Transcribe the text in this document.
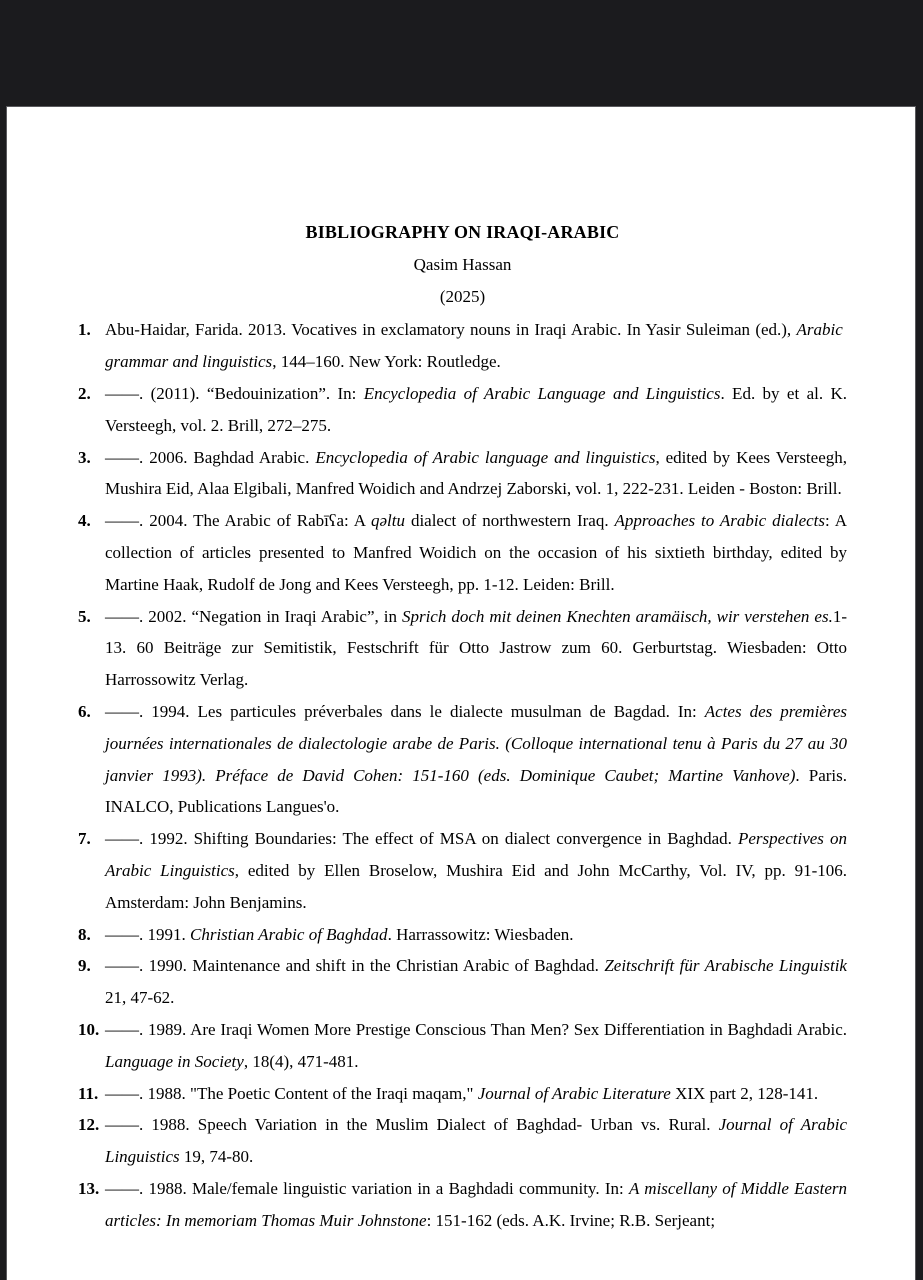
BIBLIOGRAPHY ON IRAQI-ARABIC
Qasim Hassan
(2025)
1. Abu-Haidar, Farida. 2013. Vocatives in exclamatory nouns in Iraqi Arabic. In Yasir Suleiman (ed.), Arabic  grammar and linguistics, 144–160. New York: Routledge.
2. ——. (2011). “Bedouinization”. In: Encyclopedia of Arabic Language and Linguistics. Ed. by et al. K. Versteegh, vol. 2. Brill, 272–275.
3. ——. 2006. Baghdad Arabic. Encyclopedia of Arabic language and linguistics, edited by Kees Versteegh, Mushira Eid, Alaa Elgibali, Manfred Woidich and Andrzej Zaborski, vol. 1, 222-231. Leiden - Boston: Brill.
4. ——. 2004. The Arabic of Rabīʕa: A qəltu dialect of northwestern Iraq. Approaches to Arabic dialects: A collection of articles presented to Manfred Woidich on the occasion of his sixtieth birthday, edited by Martine Haak, Rudolf de Jong and Kees Versteegh, pp. 1-12. Leiden: Brill.
5. ——. 2002. “Negation in Iraqi Arabic”, in Sprich doch mit deinen Knechten aramäisch, wir verstehen es.1-13. 60 Beiträge zur Semitistik, Festschrift für Otto Jastrow zum 60. Gerburtstag. Wiesbaden: Otto Harrossowitz Verlag.
6. ——. 1994. Les particules préverbales dans le dialecte musulman de Bagdad. In: Actes des premières journées internationales de dialectologie arabe de Paris. (Colloque international tenu à Paris du 27 au 30 janvier 1993). Préface de David Cohen: 151-160 (eds. Dominique Caubet; Martine Vanhove). Paris. INALCO, Publications Langues'o.
7. ——. 1992. Shifting Boundaries: The effect of MSA on dialect convergence in Baghdad. Perspectives on Arabic Linguistics, edited by Ellen Broselow, Mushira Eid and John McCarthy, Vol. IV, pp. 91-106. Amsterdam: John Benjamins.
8. ——. 1991. Christian Arabic of Baghdad. Harrassowitz: Wiesbaden.
9. ——. 1990. Maintenance and shift in the Christian Arabic of Baghdad. Zeitschrift für Arabische Linguistik 21, 47-62.
10. ——. 1989. Are Iraqi Women More Prestige Conscious Than Men? Sex Differentiation in Baghdadi Arabic. Language in Society, 18(4), 471-481.
11. ——. 1988. "The Poetic Content of the Iraqi maqam," Journal of Arabic Literature XIX part 2, 128-141.
12. ——. 1988. Speech Variation in the Muslim Dialect of Baghdad- Urban vs. Rural. Journal of Arabic Linguistics 19, 74-80.
13. ——. 1988. Male/female linguistic variation in a Baghdadi community. In: A miscellany of Middle Eastern articles: In memoriam Thomas Muir Johnstone: 151-162 (eds. A.K. Irvine; R.B. Serjeant;
